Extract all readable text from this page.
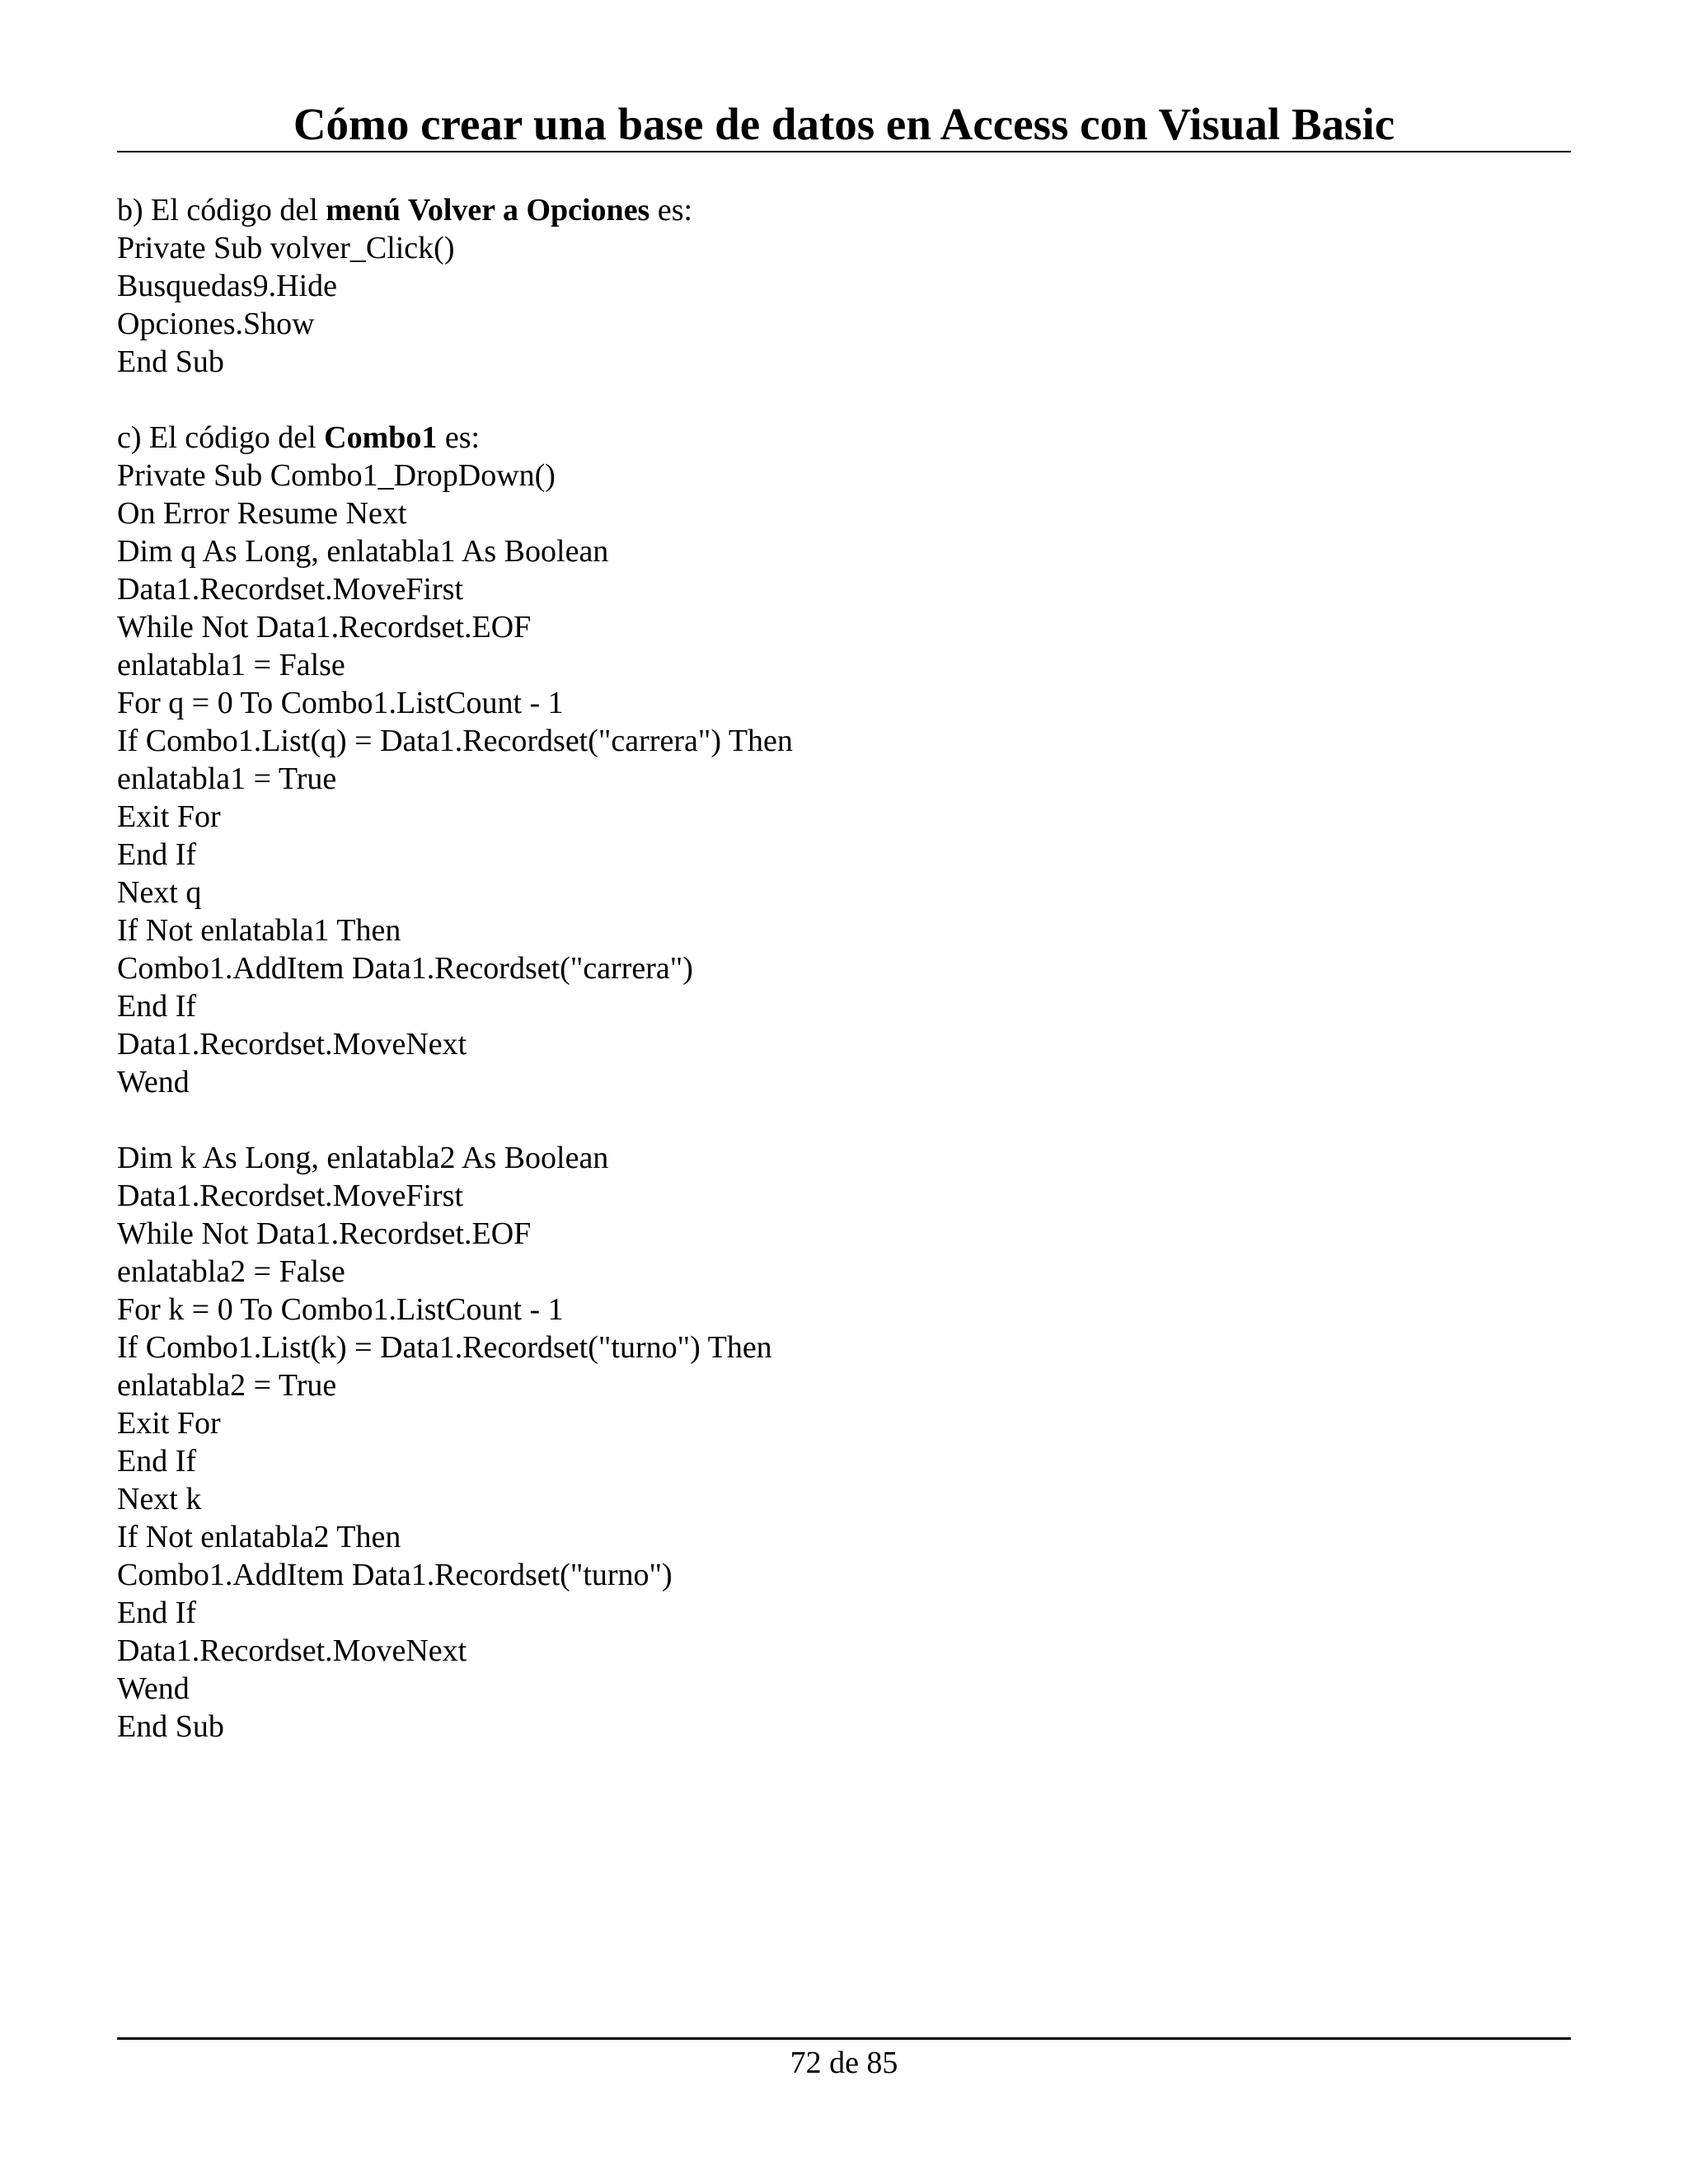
Cómo crear una base de datos en Access con Visual Basic
b) El código del menú Volver a Opciones es:
Private Sub volver_Click()
Busquedas9.Hide
Opciones.Show
End Sub
c) El código del Combo1 es:
Private Sub Combo1_DropDown()
On Error Resume Next
Dim q As Long, enlatabla1 As Boolean
Data1.Recordset.MoveFirst
While Not Data1.Recordset.EOF
enlatabla1 = False
For q = 0 To Combo1.ListCount - 1
If Combo1.List(q) = Data1.Recordset("carrera") Then
enlatabla1 = True
Exit For
End If
Next q
If Not enlatabla1 Then
Combo1.AddItem Data1.Recordset("carrera")
End If
Data1.Recordset.MoveNext
Wend
Dim k As Long, enlatabla2 As Boolean
Data1.Recordset.MoveFirst
While Not Data1.Recordset.EOF
enlatabla2 = False
For k = 0 To Combo1.ListCount - 1
If Combo1.List(k) = Data1.Recordset("turno") Then
enlatabla2 = True
Exit For
End If
Next k
If Not enlatabla2 Then
Combo1.AddItem Data1.Recordset("turno")
End If
Data1.Recordset.MoveNext
Wend
End Sub
72 de 85
